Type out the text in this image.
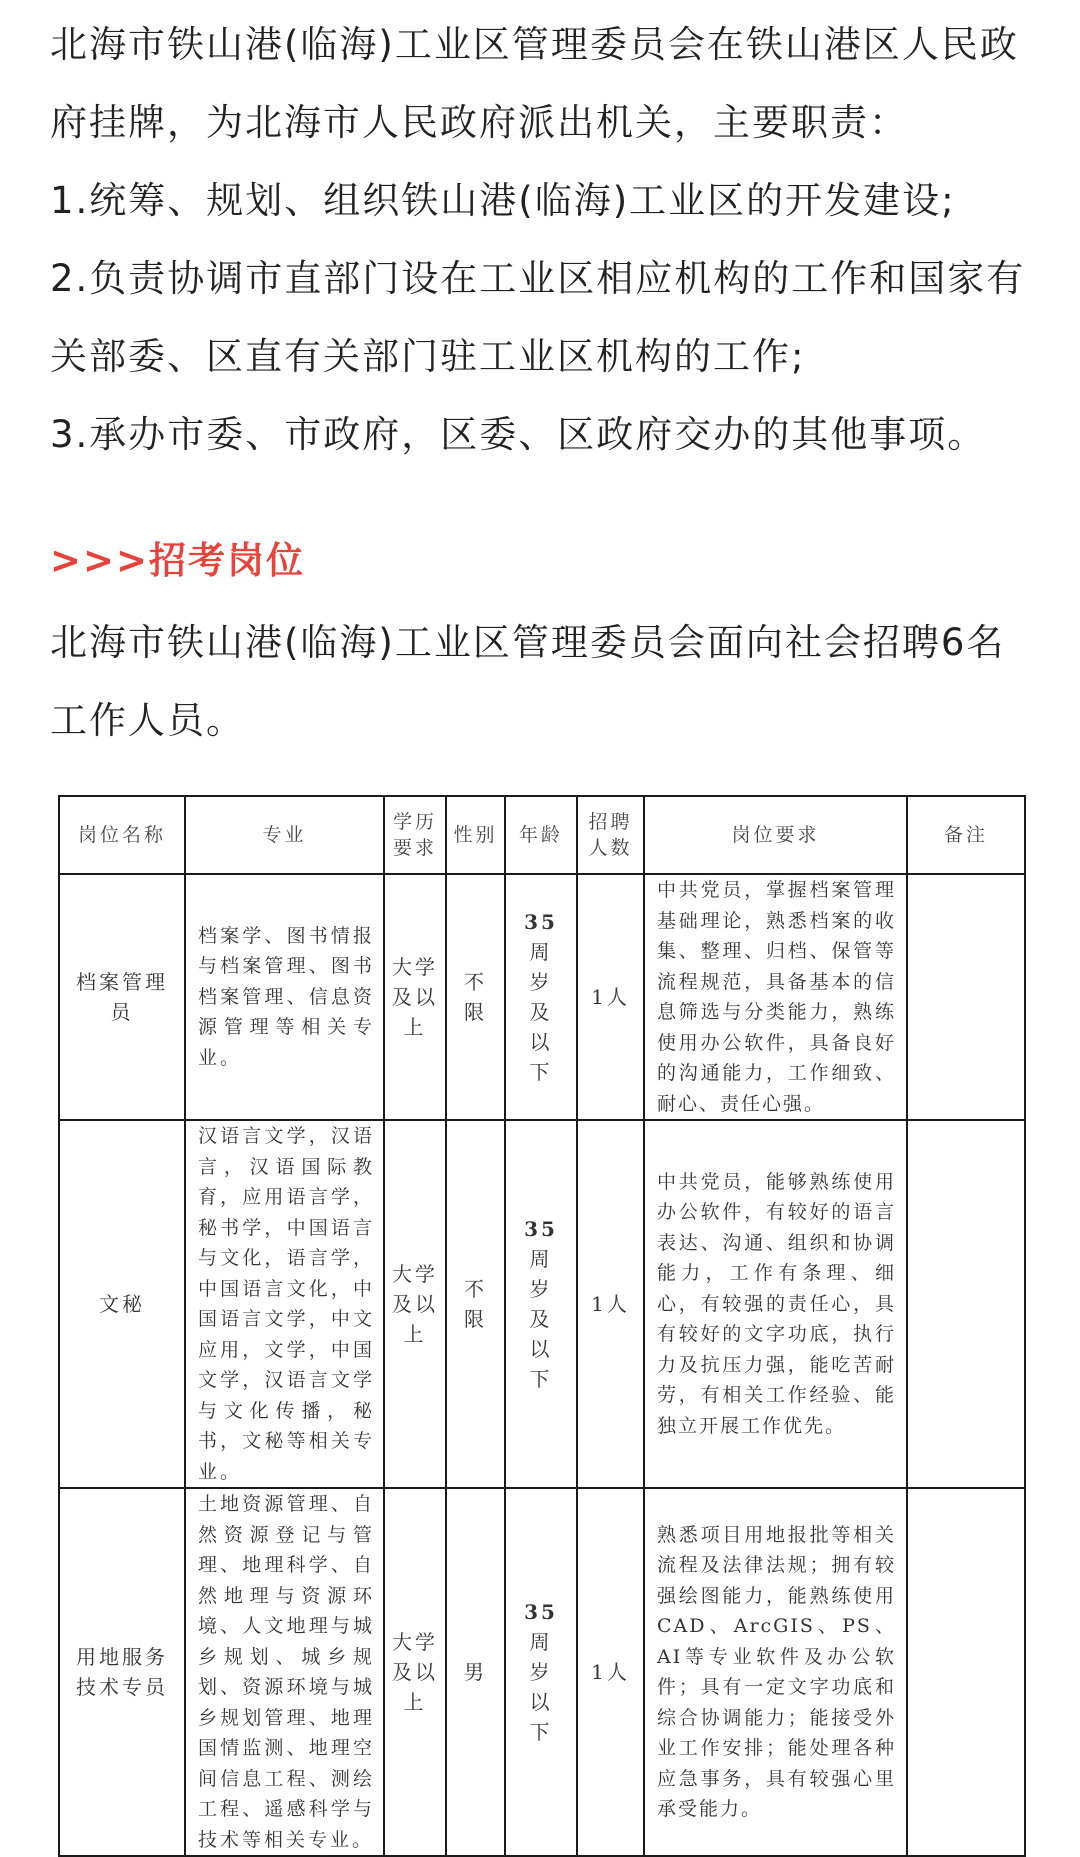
北海市铁山港(临海)工业区管理委员会在铁山港区人民政府挂牌，为北海市人民政府派出机关，主要职责：

1.统筹、规划、组织铁山港(临海)工业区的开发建设;

2.负责协调市直部门设在工业区相应机构的工作和国家有关部委、区直有关部门驻工业区机构的工作;

3.承办市委、市政府，区委、区政府交办的其他事项。

>>>招考岗位

北海市铁山港(临海)工业区管理委员会面向社会招聘6名工作人员。

岗位名称	专业	学历要求	性别	年龄	招聘人数	岗位要求	备注
档案管理员	档案学、图书情报与档案管理、图书档案管理、信息资源管理等相关专业。	大学及以上	不限	35周岁及以下	1人	中共党员，掌握档案管理基础理论，熟悉档案的收集、整理、归档、保管等流程规范，具备基本的信息筛选与分类能力，熟练使用办公软件，具备良好的沟通能力，工作细致、耐心、责任心强。	
文秘	汉语言文学，汉语言，汉语国际教育，应用语言学，秘书学，中国语言与文化，语言学，中国语言文化，中国语言文学，中文应用，文学，中国文学，汉语言文学与文化传播，秘书，文秘等相关专业。	大学及以上	不限	35周岁及以下	1人	中共党员，能够熟练使用办公软件，有较好的语言表达、沟通、组织和协调能力，工作有条理、细心，有较强的责任心，具有较好的文字功底，执行力及抗压力强，能吃苦耐劳，有相关工作经验、能独立开展工作优先。	
用地服务技术专员	土地资源管理、自然资源登记与管理、地理科学、自然地理与资源环境、人文地理与城乡规划、城乡规划、资源环境与城乡规划管理、地理国情监测、地理空间信息工程、测绘工程、遥感科学与技术等相关专业。	大学及以上	男	35周岁以下	1人	熟悉项目用地报批等相关流程及法律法规；拥有较强绘图能力，能熟练使用CAD、ArcGIS、PS、AI等专业软件及办公软件；具有一定文字功底和综合协调能力；能接受外业工作安排；能处理各种应急事务，具有较强心里承受能力。	
